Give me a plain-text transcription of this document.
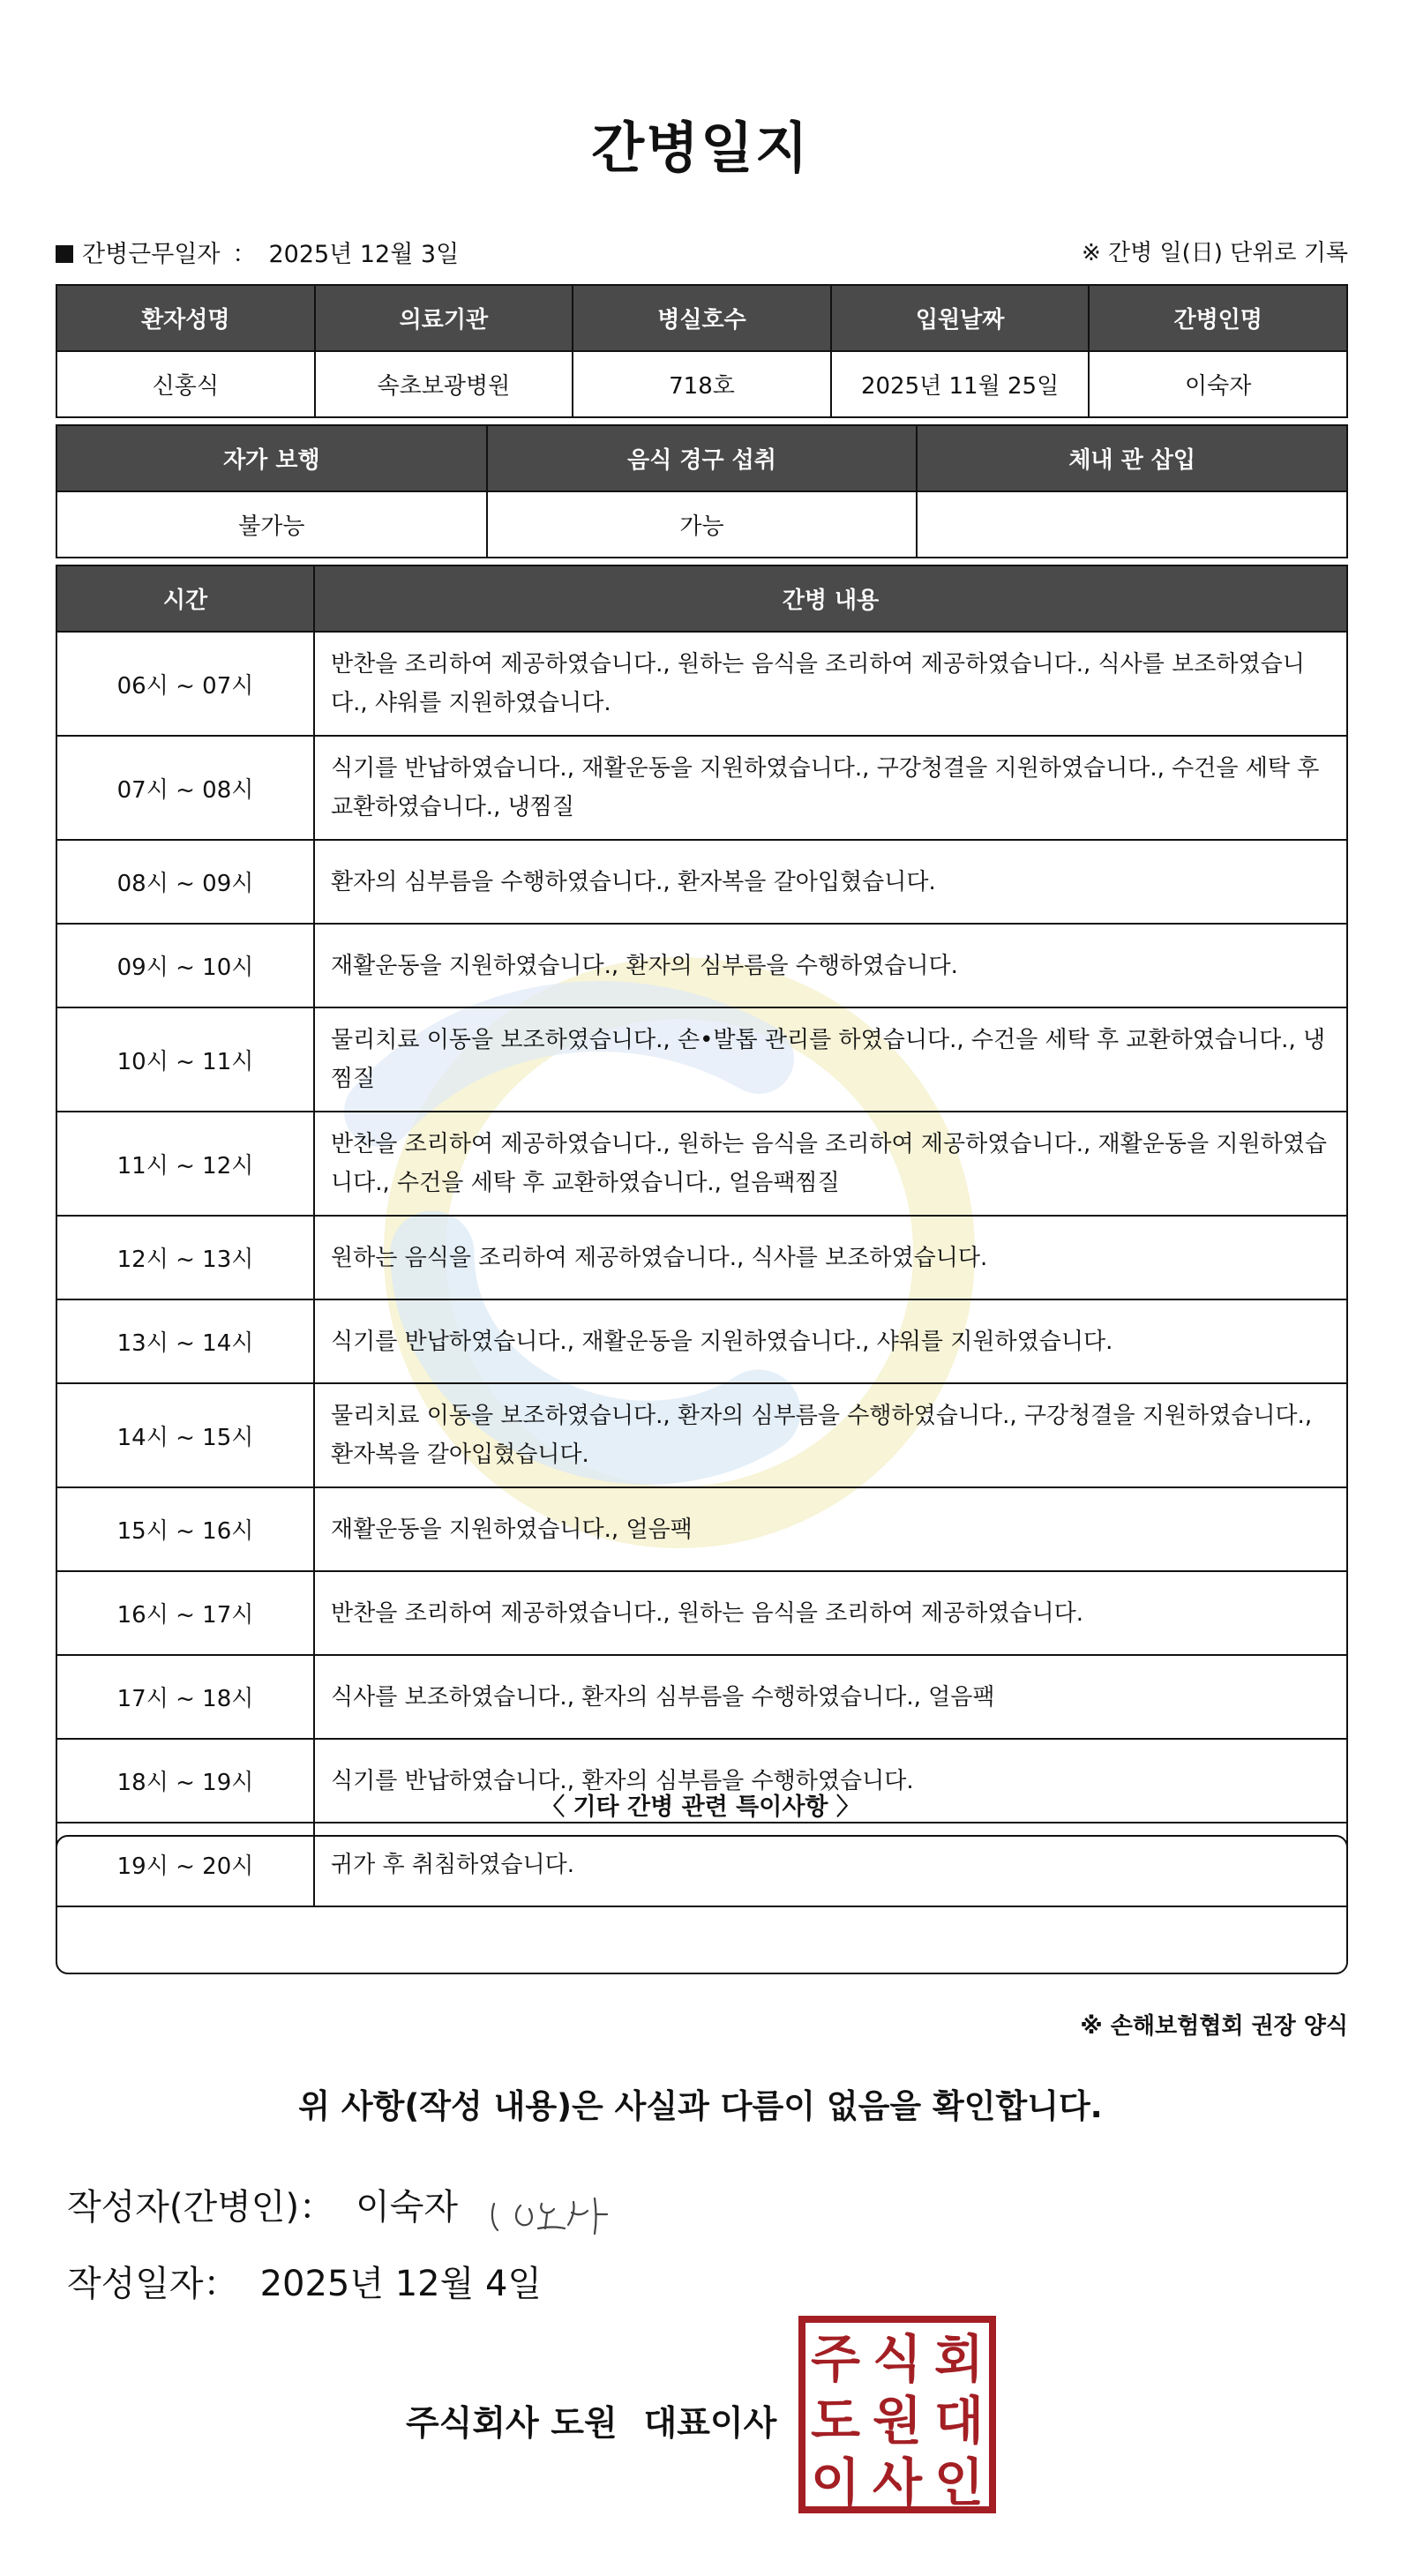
간병일지
간병근무일자 ： 2025년 12월 3일	※ 간병 일(日) 단위로 기록
환자성명	의료기관	병실호수	입원날짜	간병인명
신홍식	속초보광병원	718호	2025년 11월 25일	이숙자
자가 보행	음식 경구 섭취	체내 관 삽입
불가능	가능	
시간	간병 내용
06시 ~ 07시	반찬을 조리하여 제공하였습니다., 원하는 음식을 조리하여 제공하였습니다., 식사를 보조하였습니다., 샤워를 지원하였습니다.
07시 ~ 08시	식기를 반납하였습니다., 재활운동을 지원하였습니다., 구강청결을 지원하였습니다., 수건을 세탁 후 교환하였습니다., 냉찜질
08시 ~ 09시	환자의 심부름을 수행하였습니다., 환자복을 갈아입혔습니다.
09시 ~ 10시	재활운동을 지원하였습니다., 환자의 심부름을 수행하였습니다.
10시 ~ 11시	물리치료 이동을 보조하였습니다., 손•발톱 관리를 하였습니다., 수건을 세탁 후 교환하였습니다., 냉찜질
11시 ~ 12시	반찬을 조리하여 제공하였습니다., 원하는 음식을 조리하여 제공하였습니다., 재활운동을 지원하였습니다., 수건을 세탁 후 교환하였습니다., 얼음팩찜질
12시 ~ 13시	원하는 음식을 조리하여 제공하였습니다., 식사를 보조하였습니다.
13시 ~ 14시	식기를 반납하였습니다., 재활운동을 지원하였습니다., 샤워를 지원하였습니다.
14시 ~ 15시	물리치료 이동을 보조하였습니다., 환자의 심부름을 수행하였습니다., 구강청결을 지원하였습니다., 환자복을 갈아입혔습니다.
15시 ~ 16시	재활운동을 지원하였습니다., 얼음팩
16시 ~ 17시	반찬을 조리하여 제공하였습니다., 원하는 음식을 조리하여 제공하였습니다.
17시 ~ 18시	식사를 보조하였습니다., 환자의 심부름을 수행하였습니다., 얼음팩
18시 ~ 19시	식기를 반납하였습니다., 환자의 심부름을 수행하였습니다.
19시 ~ 20시	귀가 후 취침하였습니다.
〈 기타 간병 관련 특이사항 〉
※ 손해보험협회 권장 양식
위 사항(작성 내용)은 사실과 다름이 없음을 확인합니다.
작성자(간병인)： 이숙자
작성일자： 2025년 12월 4일
주식회사 도원 대표이사
주 식 회
도 원 대
이 사 인
